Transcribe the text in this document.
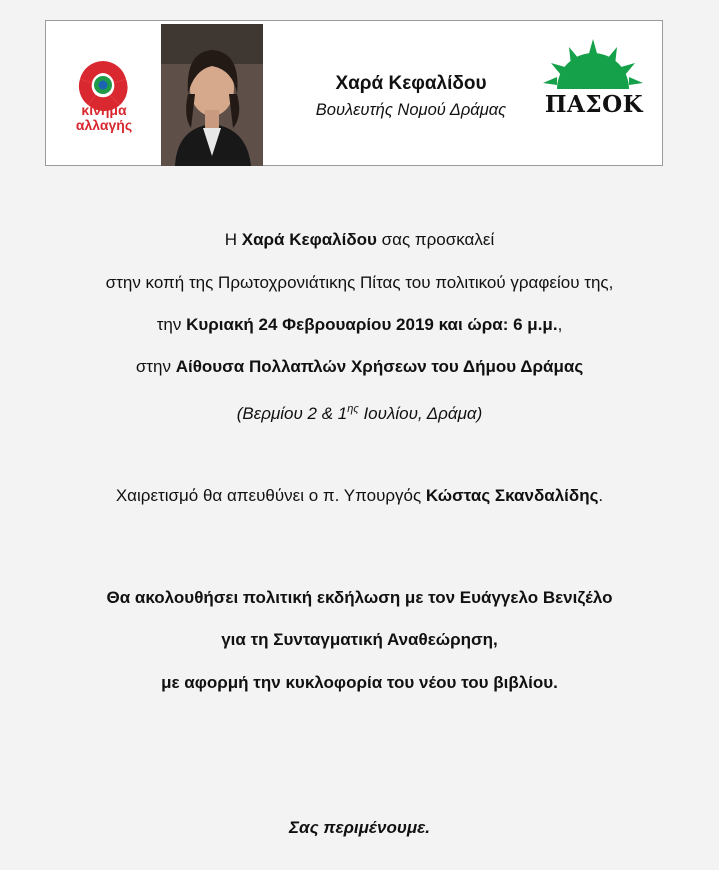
κίνημα
αλλαγής
Χαρά Κεφαλίδου
Βουλευτής Νομού Δράμας	ΠΑΣΟΚ
Η Χαρά Κεφαλίδου σας προσκαλεί
στην κοπή της Πρωτοχρονιάτικης Πίτας του πολιτικού γραφείου της,
την Κυριακή 24 Φεβρουαρίου 2019 και ώρα: 6 μ.μ.,
στην Αίθουσα Πολλαπλών Χρήσεων του Δήμου Δράμας
(Βερμίου 2 & $1^{\eta\varsigma}$ Ιουλίου, Δράμα)
Χαιρετισμό θα απευθύνει ο π. Υπουργός Κώστας Σκανδαλίδης.
Θα ακολουθήσει πολιτική εκδήλωση με τον Ευάγγελο Βενιζέλο
για τη Συνταγματική Αναθεώρηση,
με αφορμή την κυκλοφορία του νέου του βιβλίου.
Σας περιμένουμε.
